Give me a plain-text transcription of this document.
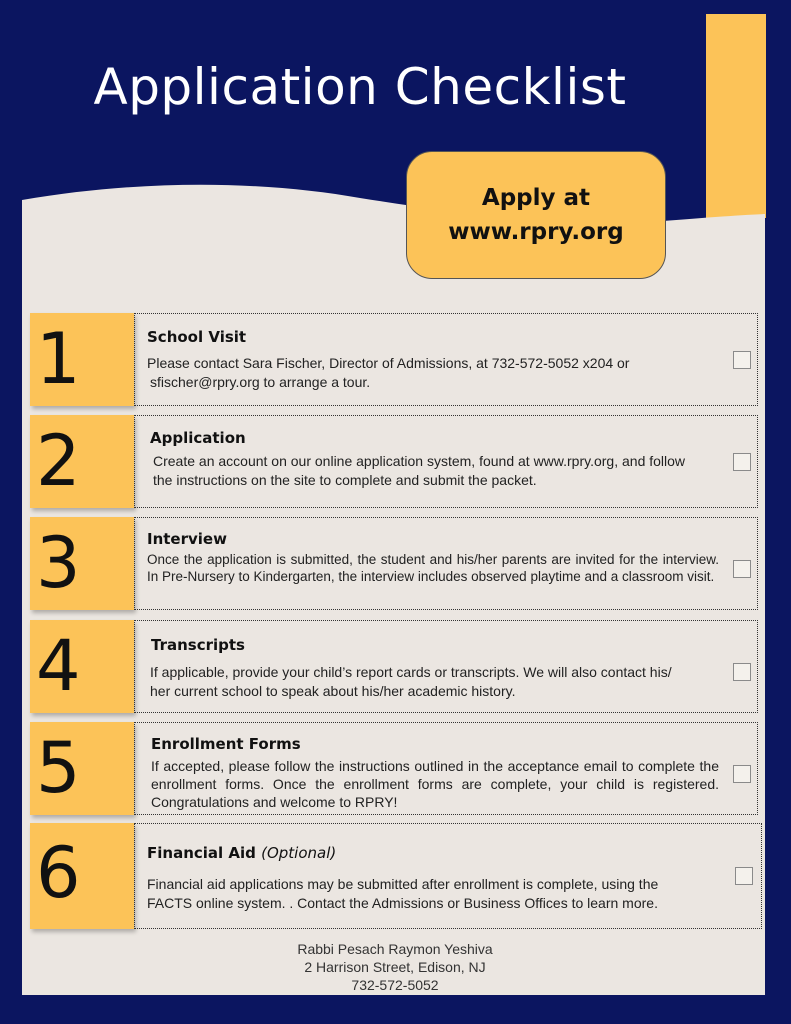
Application Checklist
Apply at
www.rpry.org
1	School Visit
Please contact Sara Fischer, Director of Admissions, at 732-572-5052 x204 or
sfischer@rpry.org to arrange a tour.
2	Application
Create an account on our online application system, found at www.rpry.org, and follow
the instructions on the site to complete and submit the packet.
3	Interview
Once the application is submitted, the student and his/her parents are invited for the interview. In Pre-Nursery to Kindergarten, the interview includes observed playtime and a classroom visit.
4	Transcripts
If applicable, provide your child’s report cards or transcripts. We will also contact his/
her current school to speak about his/her academic history.
5	Enrollment Forms
If accepted, please follow the instructions outlined in the acceptance email to complete the enrollment forms. Once the enrollment forms are complete, your child is registered. Congratulations and welcome to RPRY!
6	Financial Aid (Optional)
Financial aid applications may be submitted after enrollment is complete, using the
FACTS online system. . Contact the Admissions or Business Offices to learn more.
Rabbi Pesach Raymon Yeshiva
2 Harrison Street, Edison, NJ
732-572-5052
